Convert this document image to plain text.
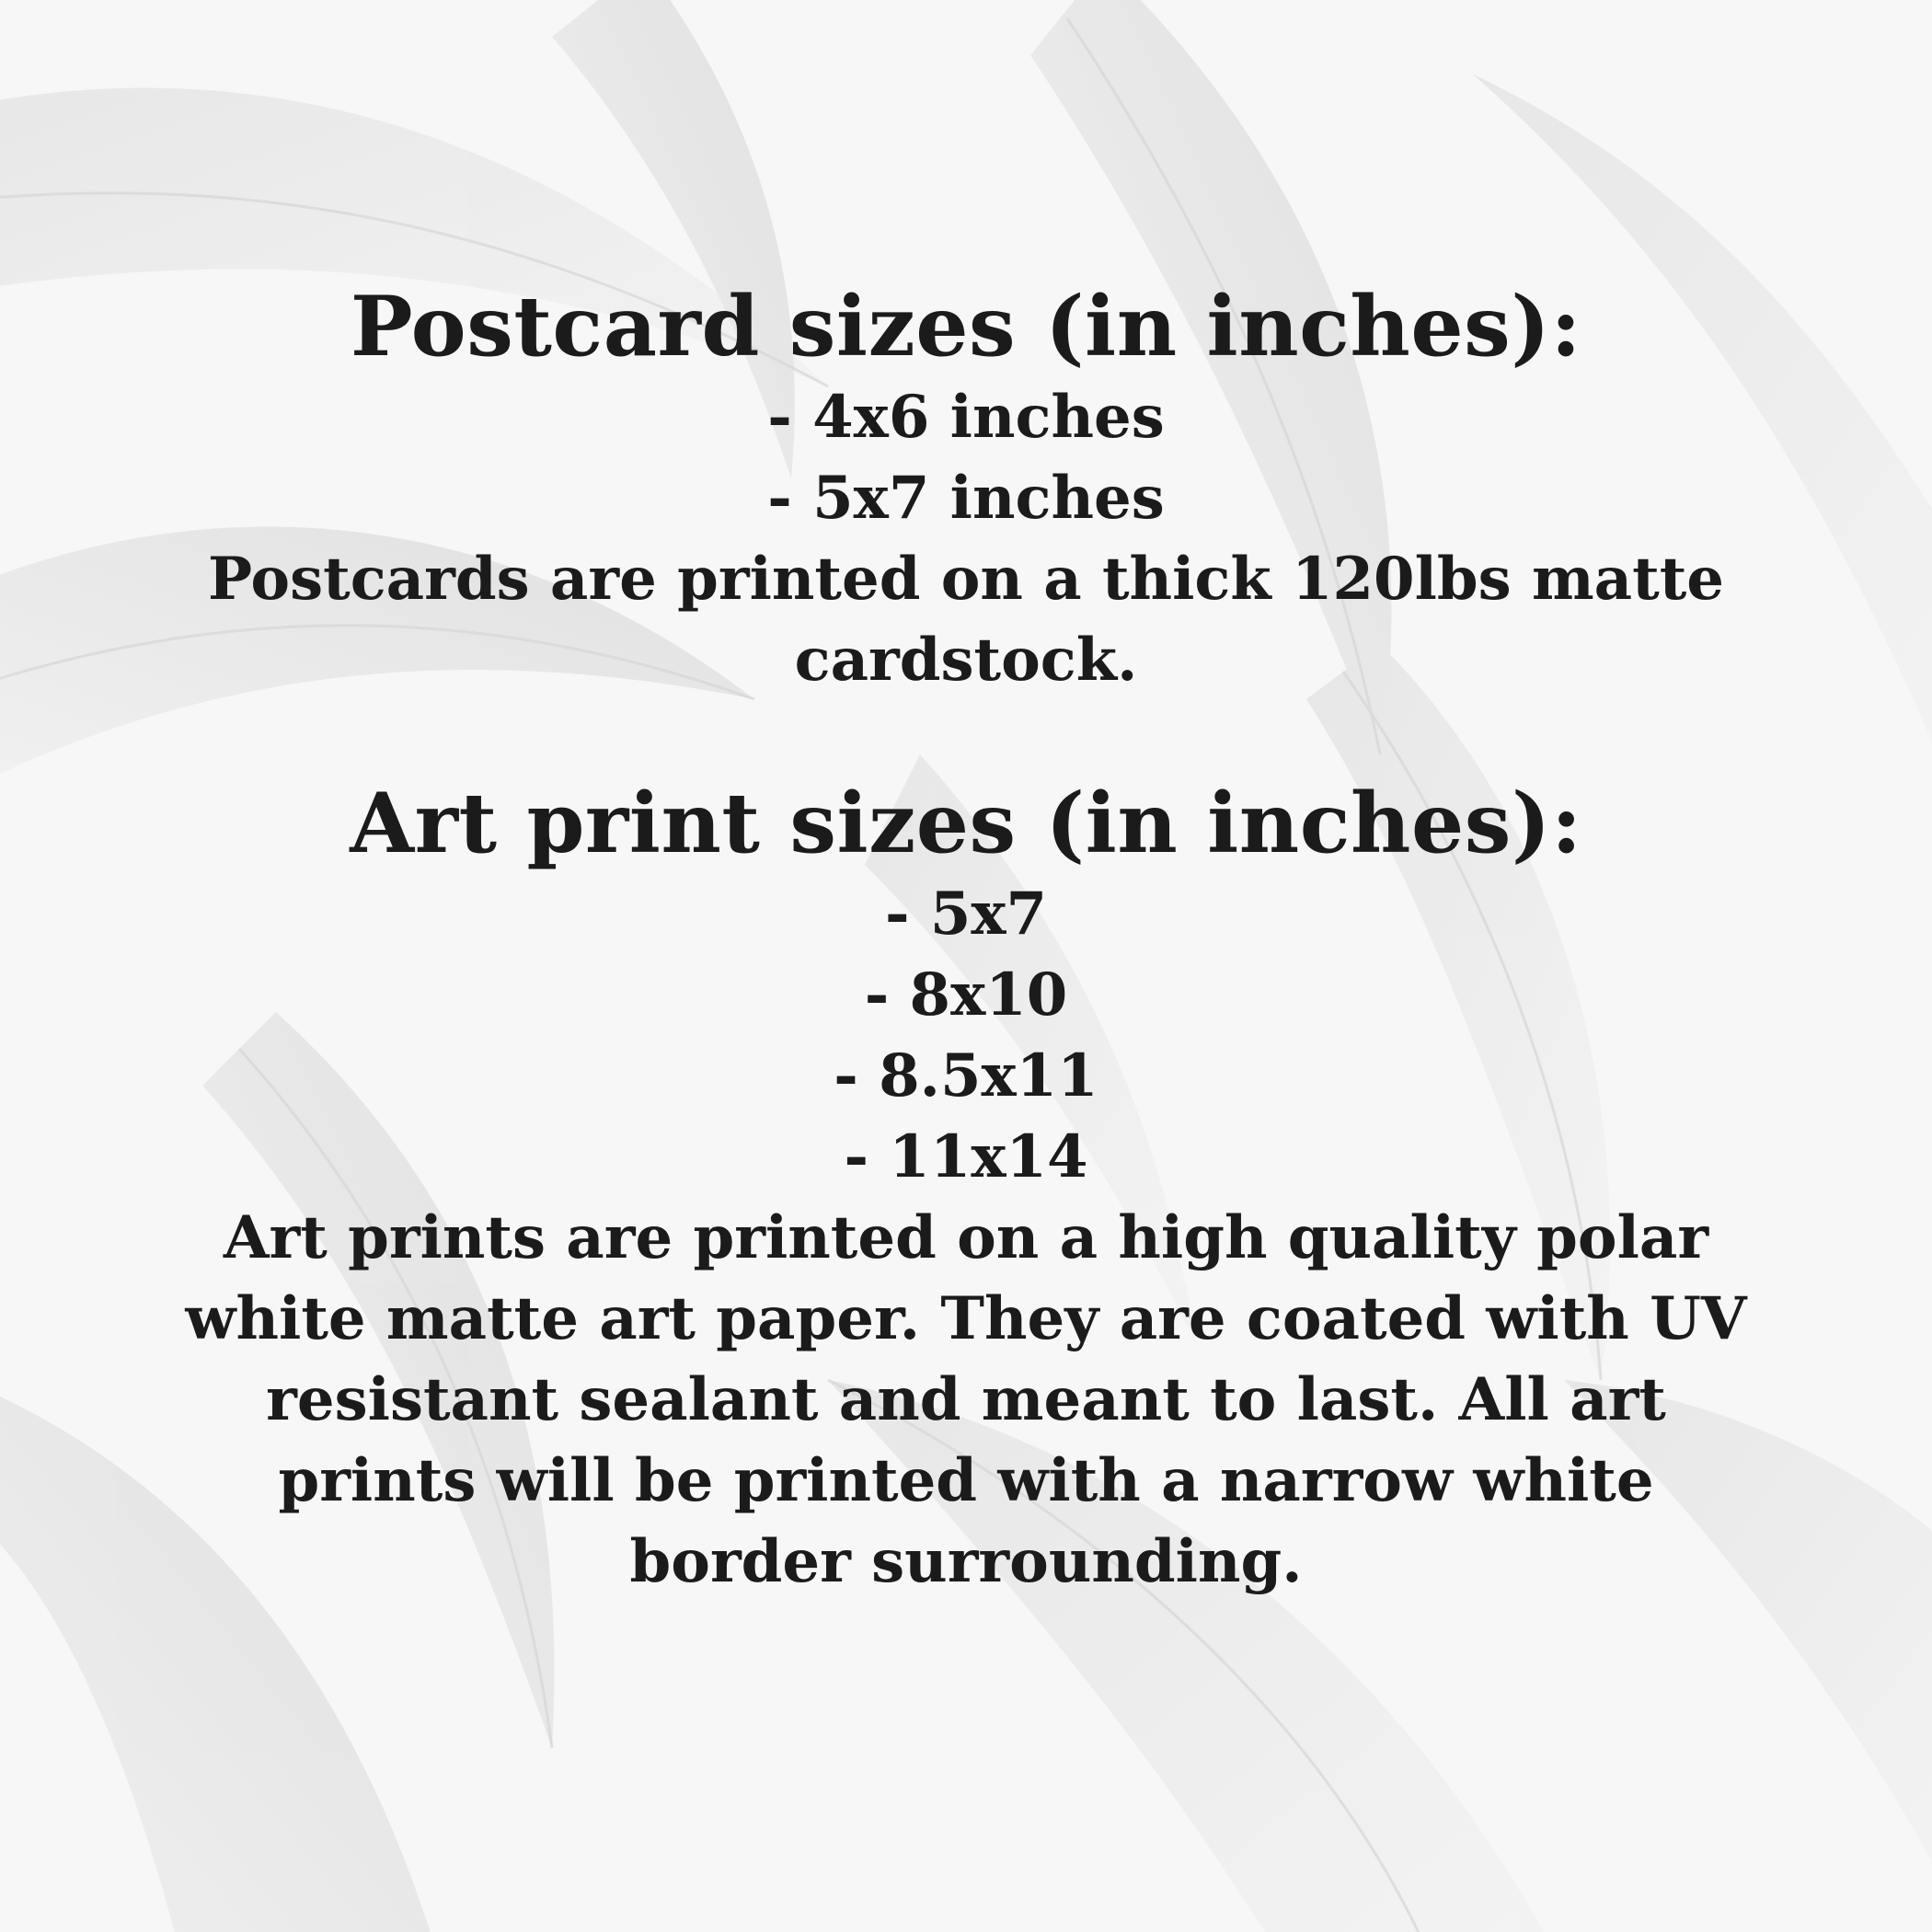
Postcard sizes (in inches):

- 4x6 inches

- 5x7 inches

Postcards are printed on a thick 120lbs matte cardstock.

Art print sizes (in inches):

- 5x7

- 8x10

- 8.5x11

- 11x14

Art prints are printed on a high quality polar white matte art paper. They are coated with UV resistant sealant and meant to last. All art prints will be printed with a narrow white border surrounding.
